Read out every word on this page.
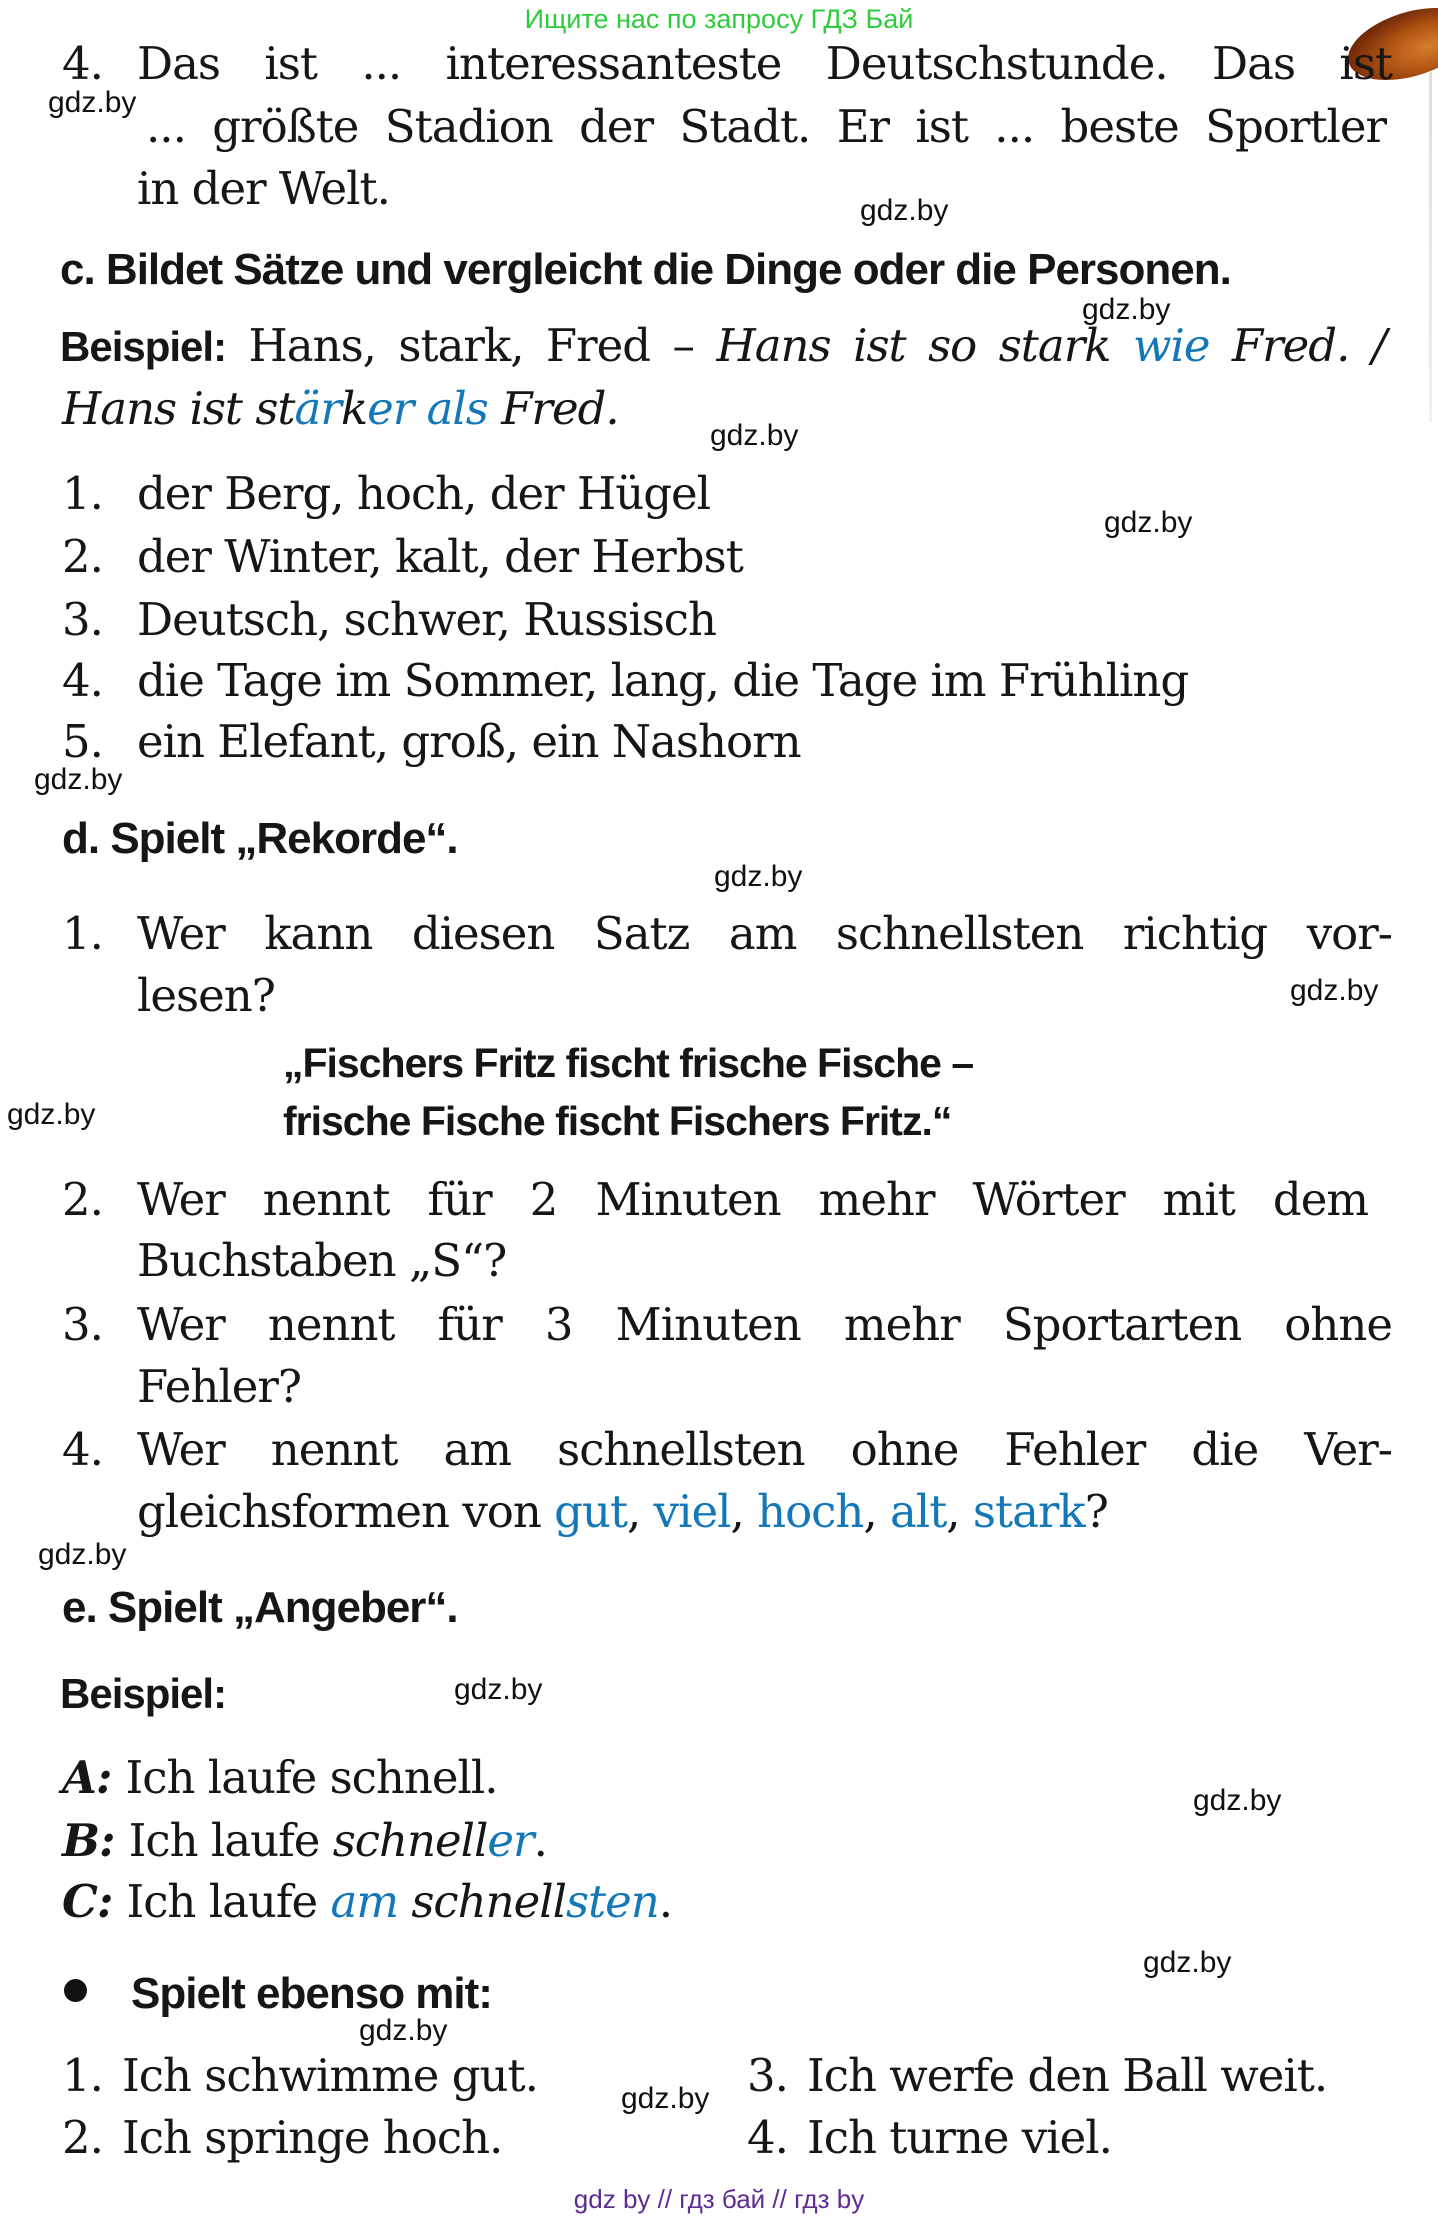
Ищите нас по запросу ГДЗ Бай
4. Das ist ... interessanteste Deutschstunde. Das ist
gdz.by ... größte Stadion der Stadt. Er ist ... beste Sportler
in der Welt.	gdz.by
c. Bildet Sätze und vergleicht die Dinge oder die Personen.
gdz.by
Beispiel: Hans, stark, Fred – Hans ist so stark wie Fred. /
Hans ist stärker als Fred.
gdz.by
1. der Berg, hoch, der Hügel
gdz.by
2. der Winter, kalt, der Herbst
3. Deutsch, schwer, Russisch
4. die Tage im Sommer, lang, die Tage im Frühling
5. ein Elefant, groß, ein Nashorn
gdz.by
d. Spielt „Rekorde“.
gdz.by
1. Wer kann diesen Satz am schnellsten richtig vor-
lesen?	gdz.by
„Fischers Fritz fischt frische Fische –
gdz.by	frische Fische fischt Fischers Fritz.“
2. Wer nennt für 2 Minuten mehr Wörter mit dem
Buchstaben „S“?
3. Wer nennt für 3 Minuten mehr Sportarten ohne
Fehler?
4. Wer nennt am schnellsten ohne Fehler die Ver-
gleichsformen von gut, viel, hoch, alt, stark?
gdz.by
e. Spielt „Angeber“.
Beispiel:	gdz.by
A: Ich laufe schnell.	gdz.by
B: Ich laufe schneller.
C: Ich laufe am schnellsten.
gdz.by
Spielt ebenso mit:
gdz.by
1. Ich schwimme gut.	3. Ich werfe den Ball weit.
gdz.by
2. Ich springe hoch.	4. Ich turne viel.
gdz by // гдз бай // гдз by
